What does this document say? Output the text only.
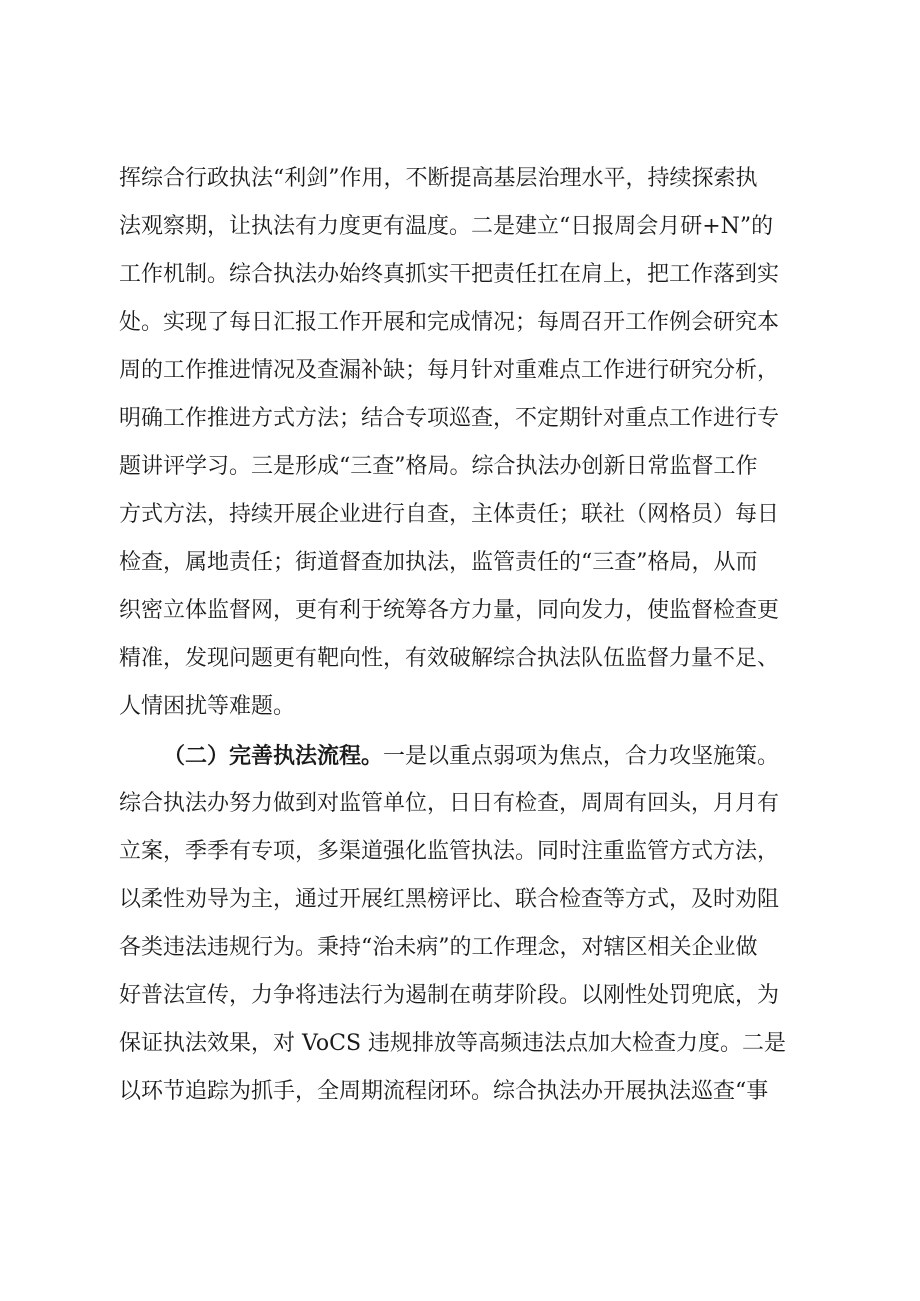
挥综合行政执法“利剑”作用，不断提高基层治理水平，持续探索执
法观察期，让执法有力度更有温度。二是建立“日报周会月研+N”的
工作机制。综合执法办始终真抓实干把责任扛在肩上，把工作落到实
处。实现了每日汇报工作开展和完成情况；每周召开工作例会研究本
周的工作推进情况及查漏补缺；每月针对重难点工作进行研究分析，
明确工作推进方式方法；结合专项巡查，不定期针对重点工作进行专
题讲评学习。三是形成“三查”格局。综合执法办创新日常监督工作
方式方法，持续开展企业进行自查，主体责任；联社（网格员）每日
检查，属地责任；街道督查加执法，监管责任的“三查”格局，从而
织密立体监督网，更有利于统筹各方力量，同向发力，使监督检查更
精准，发现问题更有靶向性，有效破解综合执法队伍监督力量不足、
人情困扰等难题。
（二）完善执法流程。一是以重点弱项为焦点，合力攻坚施策。
综合执法办努力做到对监管单位，日日有检查，周周有回头，月月有
立案，季季有专项，多渠道强化监管执法。同时注重监管方式方法，
以柔性劝导为主，通过开展红黑榜评比、联合检查等方式，及时劝阻
各类违法违规行为。秉持“治未病”的工作理念，对辖区相关企业做
好普法宣传，力争将违法行为遏制在萌芽阶段。以刚性处罚兜底，为
保证执法效果，对 VoCS 违规排放等高频违法点加大检查力度。二是
以环节追踪为抓手，全周期流程闭环。综合执法办开展执法巡查“事
